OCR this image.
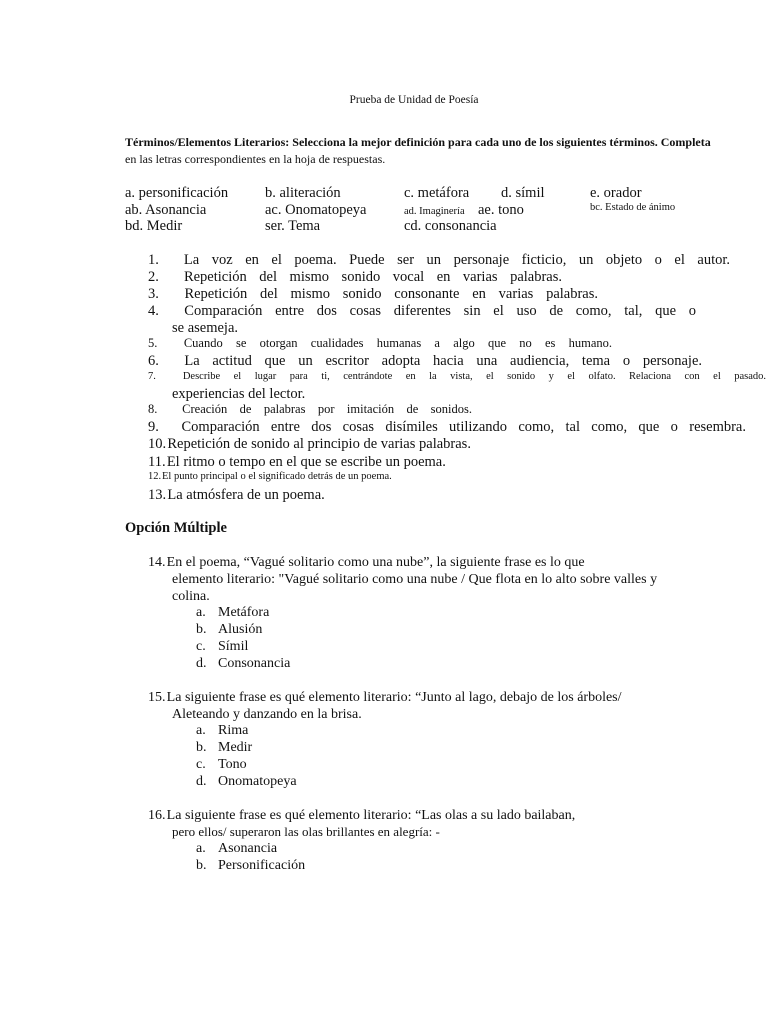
Prueba de Unidad de Poesía
Términos/Elementos Literarios: Selecciona la mejor definición para cada uno de los siguientes términos. Completa
en las letras correspondientes en la hoja de respuestas.
a. personificación	b. aliteración	c. metáfora d. símil	e. orador
ab. Asonancia	ac. Onomatopeya	ad. Imaginería ae. tono	bc. Estado de ánimo
bd. Medir	ser. Tema	cd. consonancia
1. La voz en el poema. Puede ser un personaje ficticio, un objeto o el autor.
2. Repetición del mismo sonido vocal en varias palabras.
3. Repetición del mismo sonido consonante en varias palabras.
4. Comparación entre dos cosas diferentes sin el uso de como, tal, que o
se asemeja.
5. Cuando se otorgan cualidades humanas a algo que no es humano.
6. La actitud que un escritor adopta hacia una audiencia, tema o personaje.
7.	Describe el lugar para ti, centrándote en la vista, el sonido y el olfato. Relaciona con el pasado.
experiencias del lector.
8. Creación de palabras por imitación de sonidos.
9. Comparación entre dos cosas disímiles utilizando como, tal como, que o resembra.
10. Repetición de sonido al principio de varias palabras.
11. El ritmo o tempo en el que se escribe un poema.
12. El punto principal o el significado detrás de un poema.
13. La atmósfera de un poema.
Opción Múltiple
14. En el poema, “Vagué solitario como una nube”, la siguiente frase es lo que
elemento literario: "Vagué solitario como una nube / Que flota en lo alto sobre valles y
colina.
a. Metáfora
b. Alusión
c. Símil
d. Consonancia
15. La siguiente frase es qué elemento literario: “Junto al lago, debajo de los árboles/
Aleteando y danzando en la brisa.
a. Rima
b. Medir
c. Tono
d. Onomatopeya
16. La siguiente frase es qué elemento literario: “Las olas a su lado bailaban,
pero ellos/ superaron las olas brillantes en alegría: -
a. Asonancia
b. Personificación
